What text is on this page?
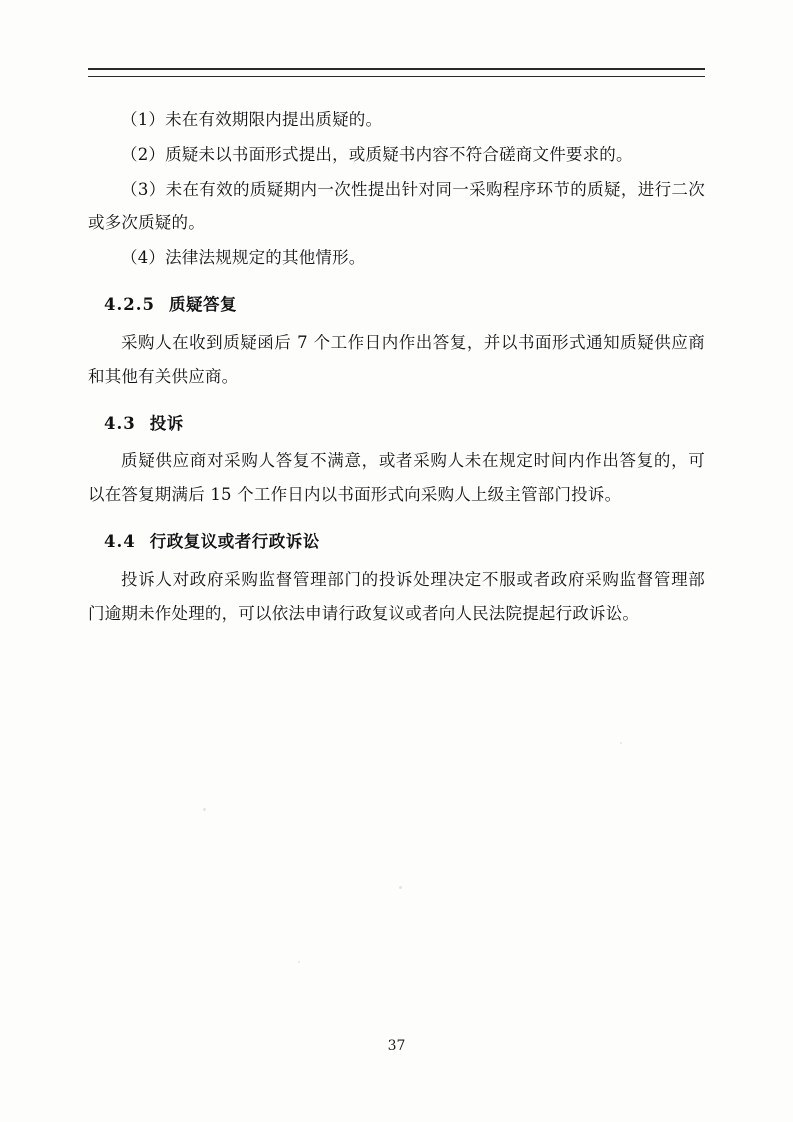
（1）未在有效期限内提出质疑的。

（2）质疑未以书面形式提出，或质疑书内容不符合磋商文件要求的。

（3）未在有效的质疑期内一次性提出针对同一采购程序环节的质疑，进行二次或多次质疑的。

（4）法律法规规定的其他情形。

4.2.5 质疑答复

采购人在收到质疑函后 7 个工作日内作出答复，并以书面形式通知质疑供应商和其他有关供应商。

4.3 投诉

质疑供应商对采购人答复不满意，或者采购人未在规定时间内作出答复的，可以在答复期满后 15 个工作日内以书面形式向采购人上级主管部门投诉。

4.4 行政复议或者行政诉讼

投诉人对政府采购监督管理部门的投诉处理决定不服或者政府采购监督管理部门逾期未作处理的，可以依法申请行政复议或者向人民法院提起行政诉讼。

37
